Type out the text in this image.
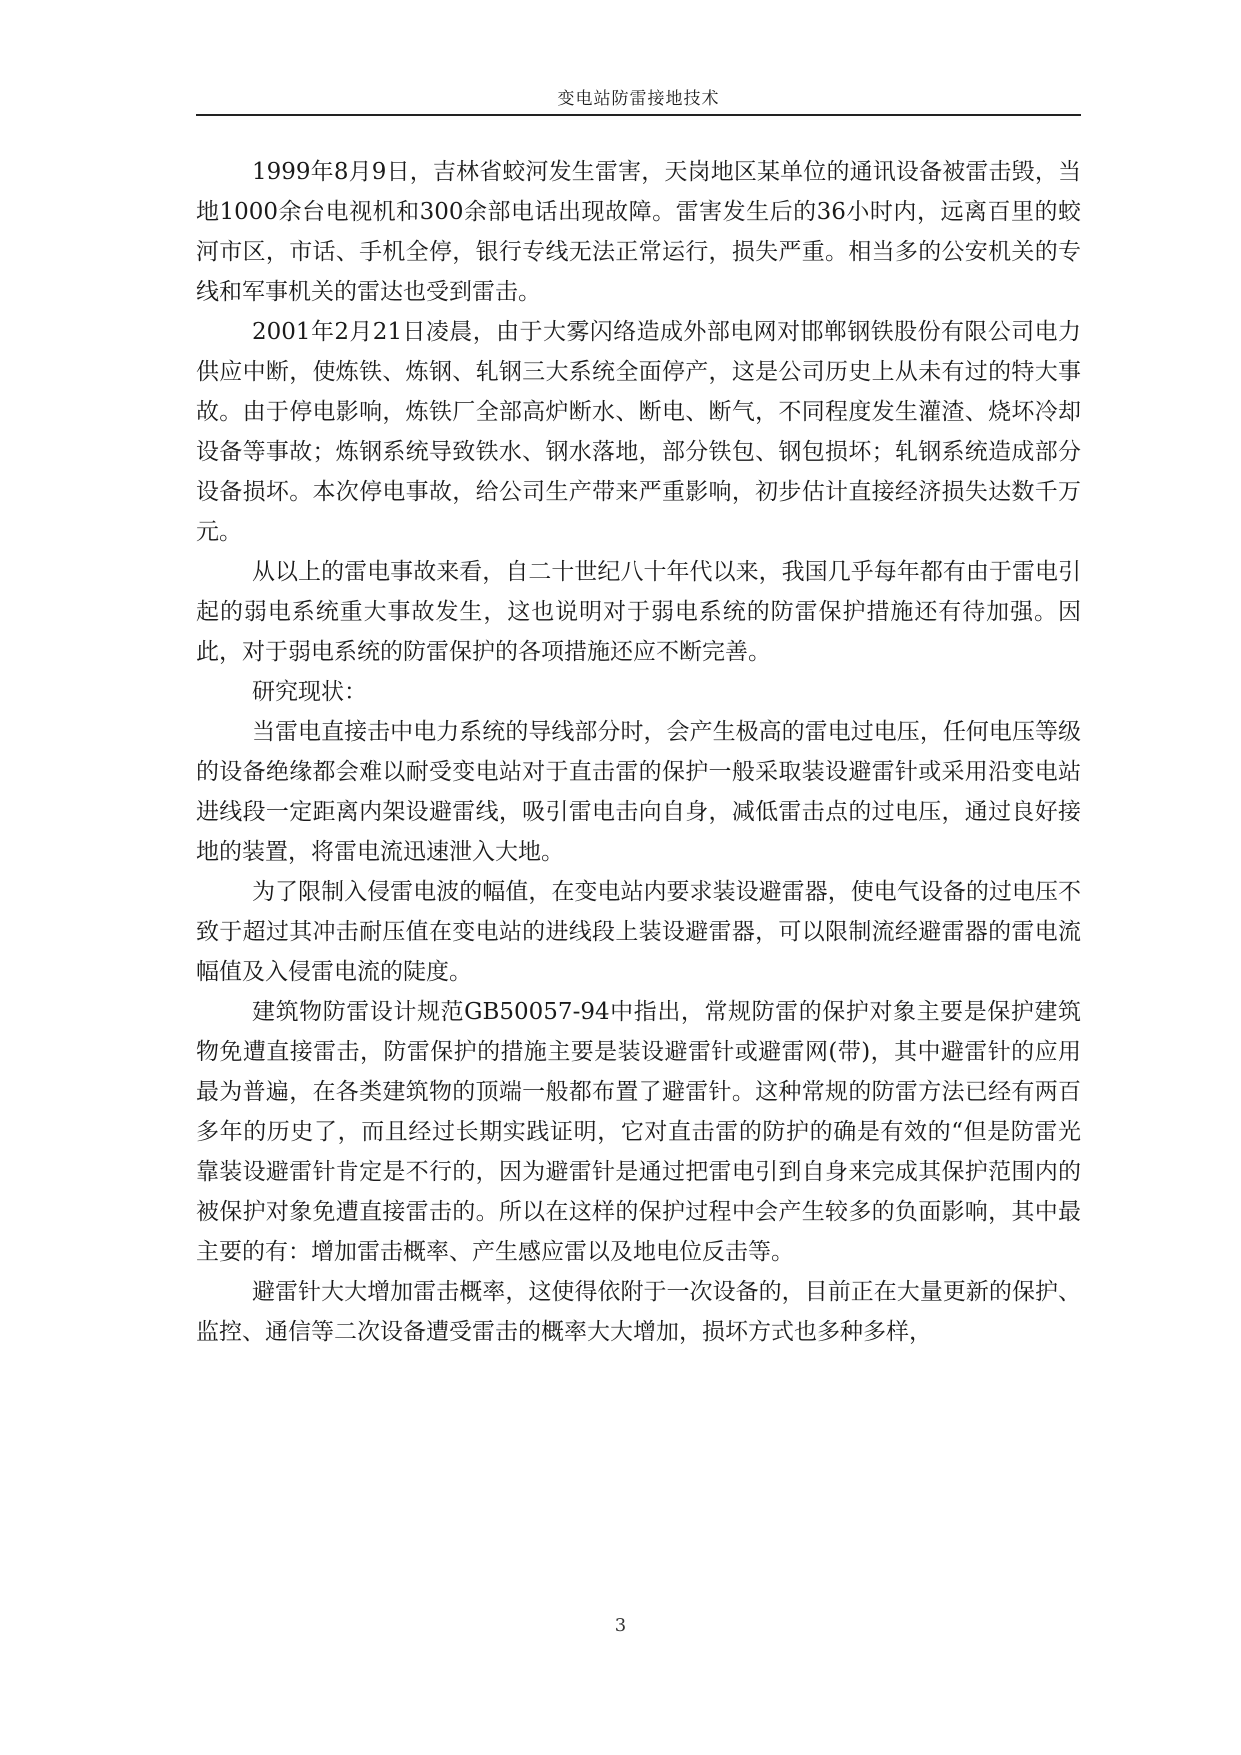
变电站防雷接地技术

1999年8月9日，吉林省蛟河发生雷害，天岗地区某单位的通讯设备被雷击毁，当地1000余台电视机和300余部电话出现故障。雷害发生后的36小时内，远离百里的蛟河市区，市话、手机全停，银行专线无法正常运行，损失严重。相当多的公安机关的专线和军事机关的雷达也受到雷击。

2001年2月21日凌晨，由于大雾闪络造成外部电网对邯郸钢铁股份有限公司电力供应中断，使炼铁、炼钢、轧钢三大系统全面停产，这是公司历史上从未有过的特大事故。由于停电影响，炼铁厂全部高炉断水、断电、断气，不同程度发生灌渣、烧坏冷却设备等事故；炼钢系统导致铁水、钢水落地，部分铁包、钢包损坏；轧钢系统造成部分设备损坏。本次停电事故，给公司生产带来严重影响，初步估计直接经济损失达数千万元。

从以上的雷电事故来看，自二十世纪八十年代以来，我国几乎每年都有由于雷电引起的弱电系统重大事故发生，这也说明对于弱电系统的防雷保护措施还有待加强。因此，对于弱电系统的防雷保护的各项措施还应不断完善。

研究现状：

当雷电直接击中电力系统的导线部分时，会产生极高的雷电过电压，任何电压等级的设备绝缘都会难以耐受变电站对于直击雷的保护一般采取装设避雷针或采用沿变电站进线段一定距离内架设避雷线，吸引雷电击向自身，减低雷击点的过电压，通过良好接地的装置，将雷电流迅速泄入大地。

为了限制入侵雷电波的幅值，在变电站内要求装设避雷器，使电气设备的过电压不致于超过其冲击耐压值在变电站的进线段上装设避雷器，可以限制流经避雷器的雷电流幅值及入侵雷电流的陡度。

建筑物防雷设计规范GB50057-94中指出，常规防雷的保护对象主要是保护建筑物免遭直接雷击，防雷保护的措施主要是装设避雷针或避雷网(带)，其中避雷针的应用最为普遍，在各类建筑物的顶端一般都布置了避雷针。这种常规的防雷方法已经有两百多年的历史了，而且经过长期实践证明，它对直击雷的防护的确是有效的“但是防雷光靠装设避雷针肯定是不行的，因为避雷针是通过把雷电引到自身来完成其保护范围内的被保护对象免遭直接雷击的。所以在这样的保护过程中会产生较多的负面影响，其中最主要的有：增加雷击概率、产生感应雷以及地电位反击等。

避雷针大大增加雷击概率，这使得依附于一次设备的，目前正在大量更新的保护、监控、通信等二次设备遭受雷击的概率大大增加，损坏方式也多种多样，

3
